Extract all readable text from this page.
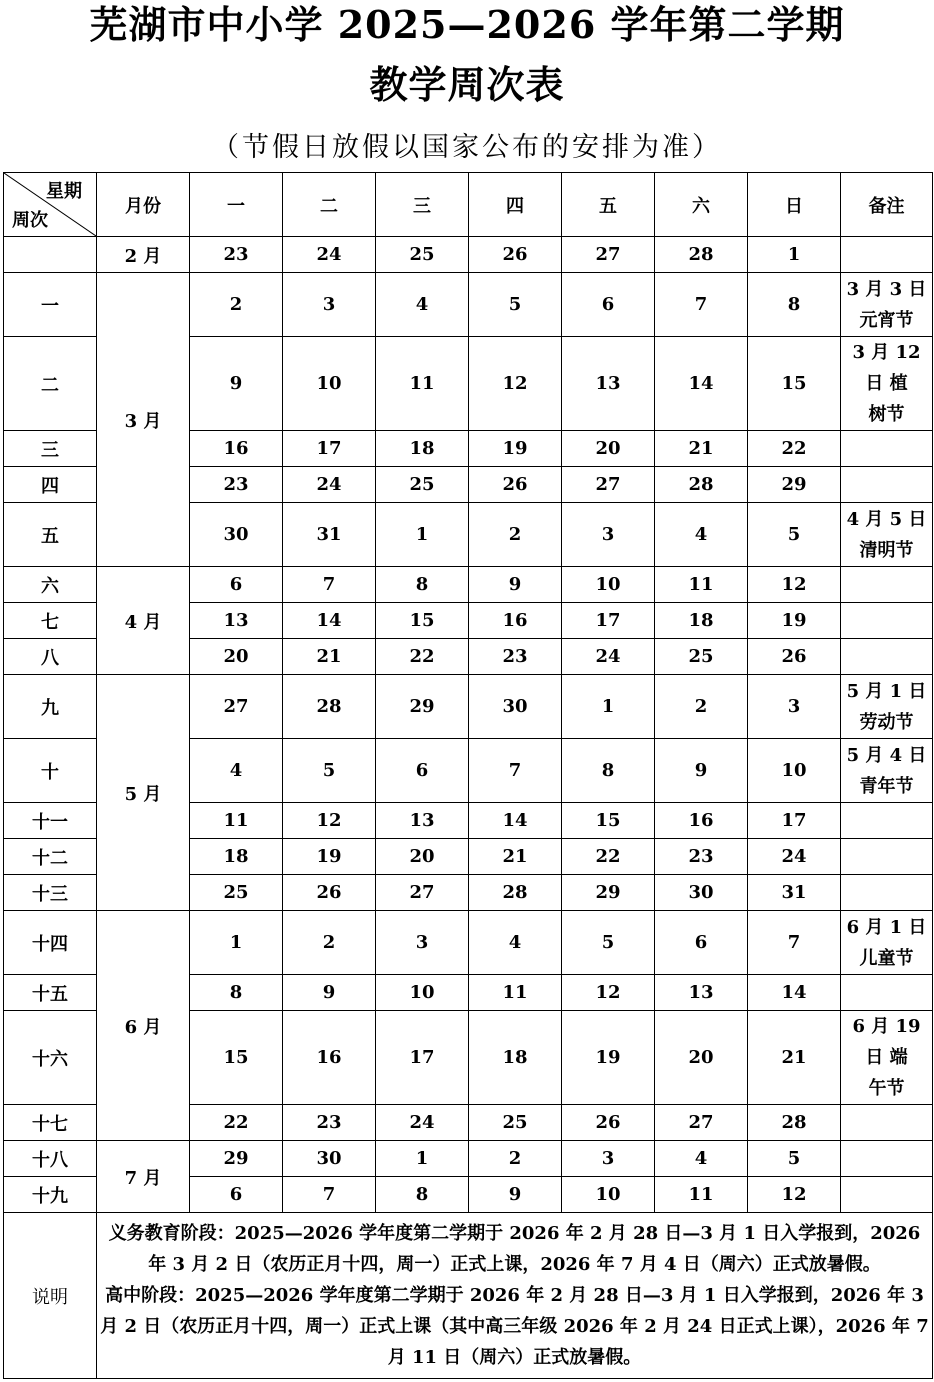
芜湖市中小学 2025—2026 学年第二学期
教学周次表
（节假日放假以国家公布的安排为准）
星期
周次	月份	一	二	三	四	五	六	日	备注
	2 月	23	24	25	26	27	28	1	

一	3 月	2	3	4	5	6	7	8	3 月 3 日
元宵节

二		9	10	11	12	13	14	15	3 月 12
日 植
树节

三		16	17	18	19	20	21	22	

四		23	24	25	26	27	28	29	

五		30	31	1	2	3	4	5	4 月 5 日
清明节

六	4 月	6	7	8	9	10	11	12	

七		13	14	15	16	17	18	19	

八		20	21	22	23	24	25	26	

九	5 月	27	28	29	30	1	2	3	5 月 1 日
劳动节

十		4	5	6	7	8	9	10	5 月 4 日
青年节

十一		11	12	13	14	15	16	17	

十二		18	19	20	21	22	23	24	

十三		25	26	27	28	29	30	31	

十四	6 月	1	2	3	4	5	6	7	6 月 1 日
儿童节

十五		8	9	10	11	12	13	14	

十六		15	16	17	18	19	20	21	6 月 19
日 端
午节

十七		22	23	24	25	26	27	28	

十八	7 月	29	30	1	2	3	4	5	

十九		6	7	8	9	10	11	12	

说明	义务教育阶段：2025—2026 学年度第二学期于 2026 年 2 月 28 日—3 月 1 日入学报到，2026 年 3 月 2 日（农历正月十四，周一）正式上课，2026 年 7 月 4 日（周六）正式放暑假。
高中阶段：2025—2026 学年度第二学期于 2026 年 2 月 28 日—3 月 1 日入学报到，2026 年 3 月 2 日（农历正月十四，周一）正式上课（其中高三年级 2026 年 2 月 24 日正式上课），2026 年 7 月 11 日（周六）正式放暑假。								
